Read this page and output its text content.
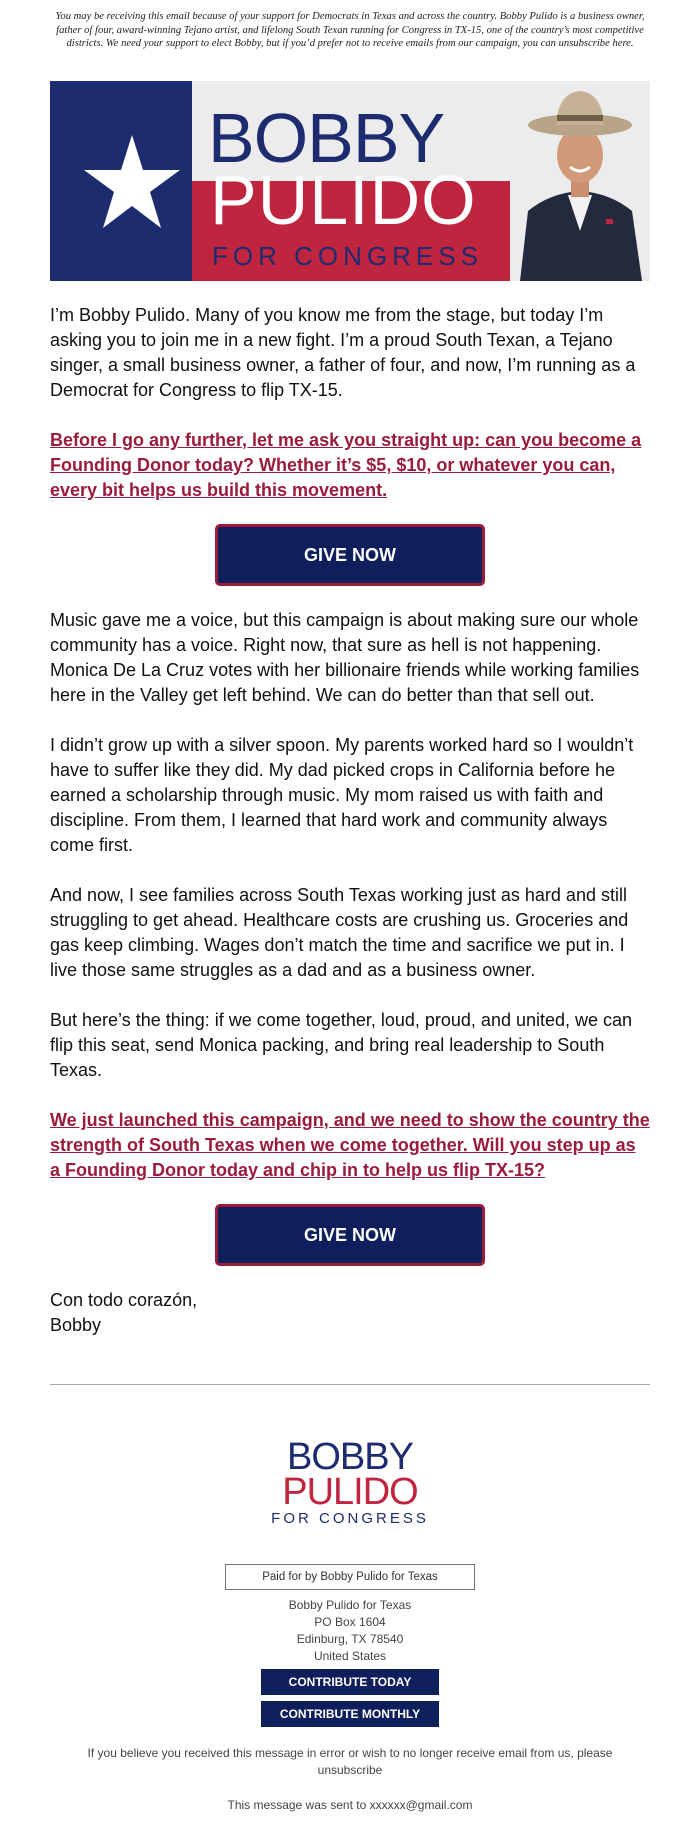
You may be receiving this email because of your support for Democrats in Texas and across the country. Bobby Pulido is a business owner, father of four, award-winning Tejano artist, and lifelong South Texan running for Congress in TX-15, one of the country’s most competitive districts. We need your support to elect Bobby, but if you’d prefer not to receive emails from our campaign, you can unsubscribe here.
BOBBY
PULIDO
FOR CONGRESS

I’m Bobby Pulido. Many of you know me from the stage, but today I’m asking you to join me in a new fight. I’m a proud South Texan, a Tejano singer, a small business owner, a father of four, and now, I’m running as a Democrat for Congress to flip TX-15.

Before I go any further, let me ask you straight up: can you become a Founding Donor today? Whether it’s $5, $10, or whatever you can, every bit helps us build this movement.

GIVE NOW

Music gave me a voice, but this campaign is about making sure our whole community has a voice. Right now, that sure as hell is not happening. Monica De La Cruz votes with her billionaire friends while working families here in the Valley get left behind. We can do better than that sell out.

I didn’t grow up with a silver spoon. My parents worked hard so I wouldn’t have to suffer like they did. My dad picked crops in California before he earned a scholarship through music. My mom raised us with faith and discipline. From them, I learned that hard work and community always come first.

And now, I see families across South Texas working just as hard and still struggling to get ahead. Healthcare costs are crushing us. Groceries and gas keep climbing. Wages don’t match the time and sacrifice we put in. I live those same struggles as a dad and as a business owner.

But here’s the thing: if we come together, loud, proud, and united, we can flip this seat, send Monica packing, and bring real leadership to South Texas.

We just launched this campaign, and we need to show the country the strength of South Texas when we come together. Will you step up as a Founding Donor today and chip in to help us flip TX-15?

GIVE NOW

Con todo corazón,

Bobby

BOBBY
PULIDO
FOR CONGRESS
Paid for by Bobby Pulido for Texas
Bobby Pulido for Texas
PO Box 1604
Edinburg, TX 78540
United States
CONTRIBUTE TODAY
CONTRIBUTE MONTHLY
If you believe you received this message in error or wish to no longer receive email from us, please
unsubscribe
This message was sent to xxxxxx@gmail.com
